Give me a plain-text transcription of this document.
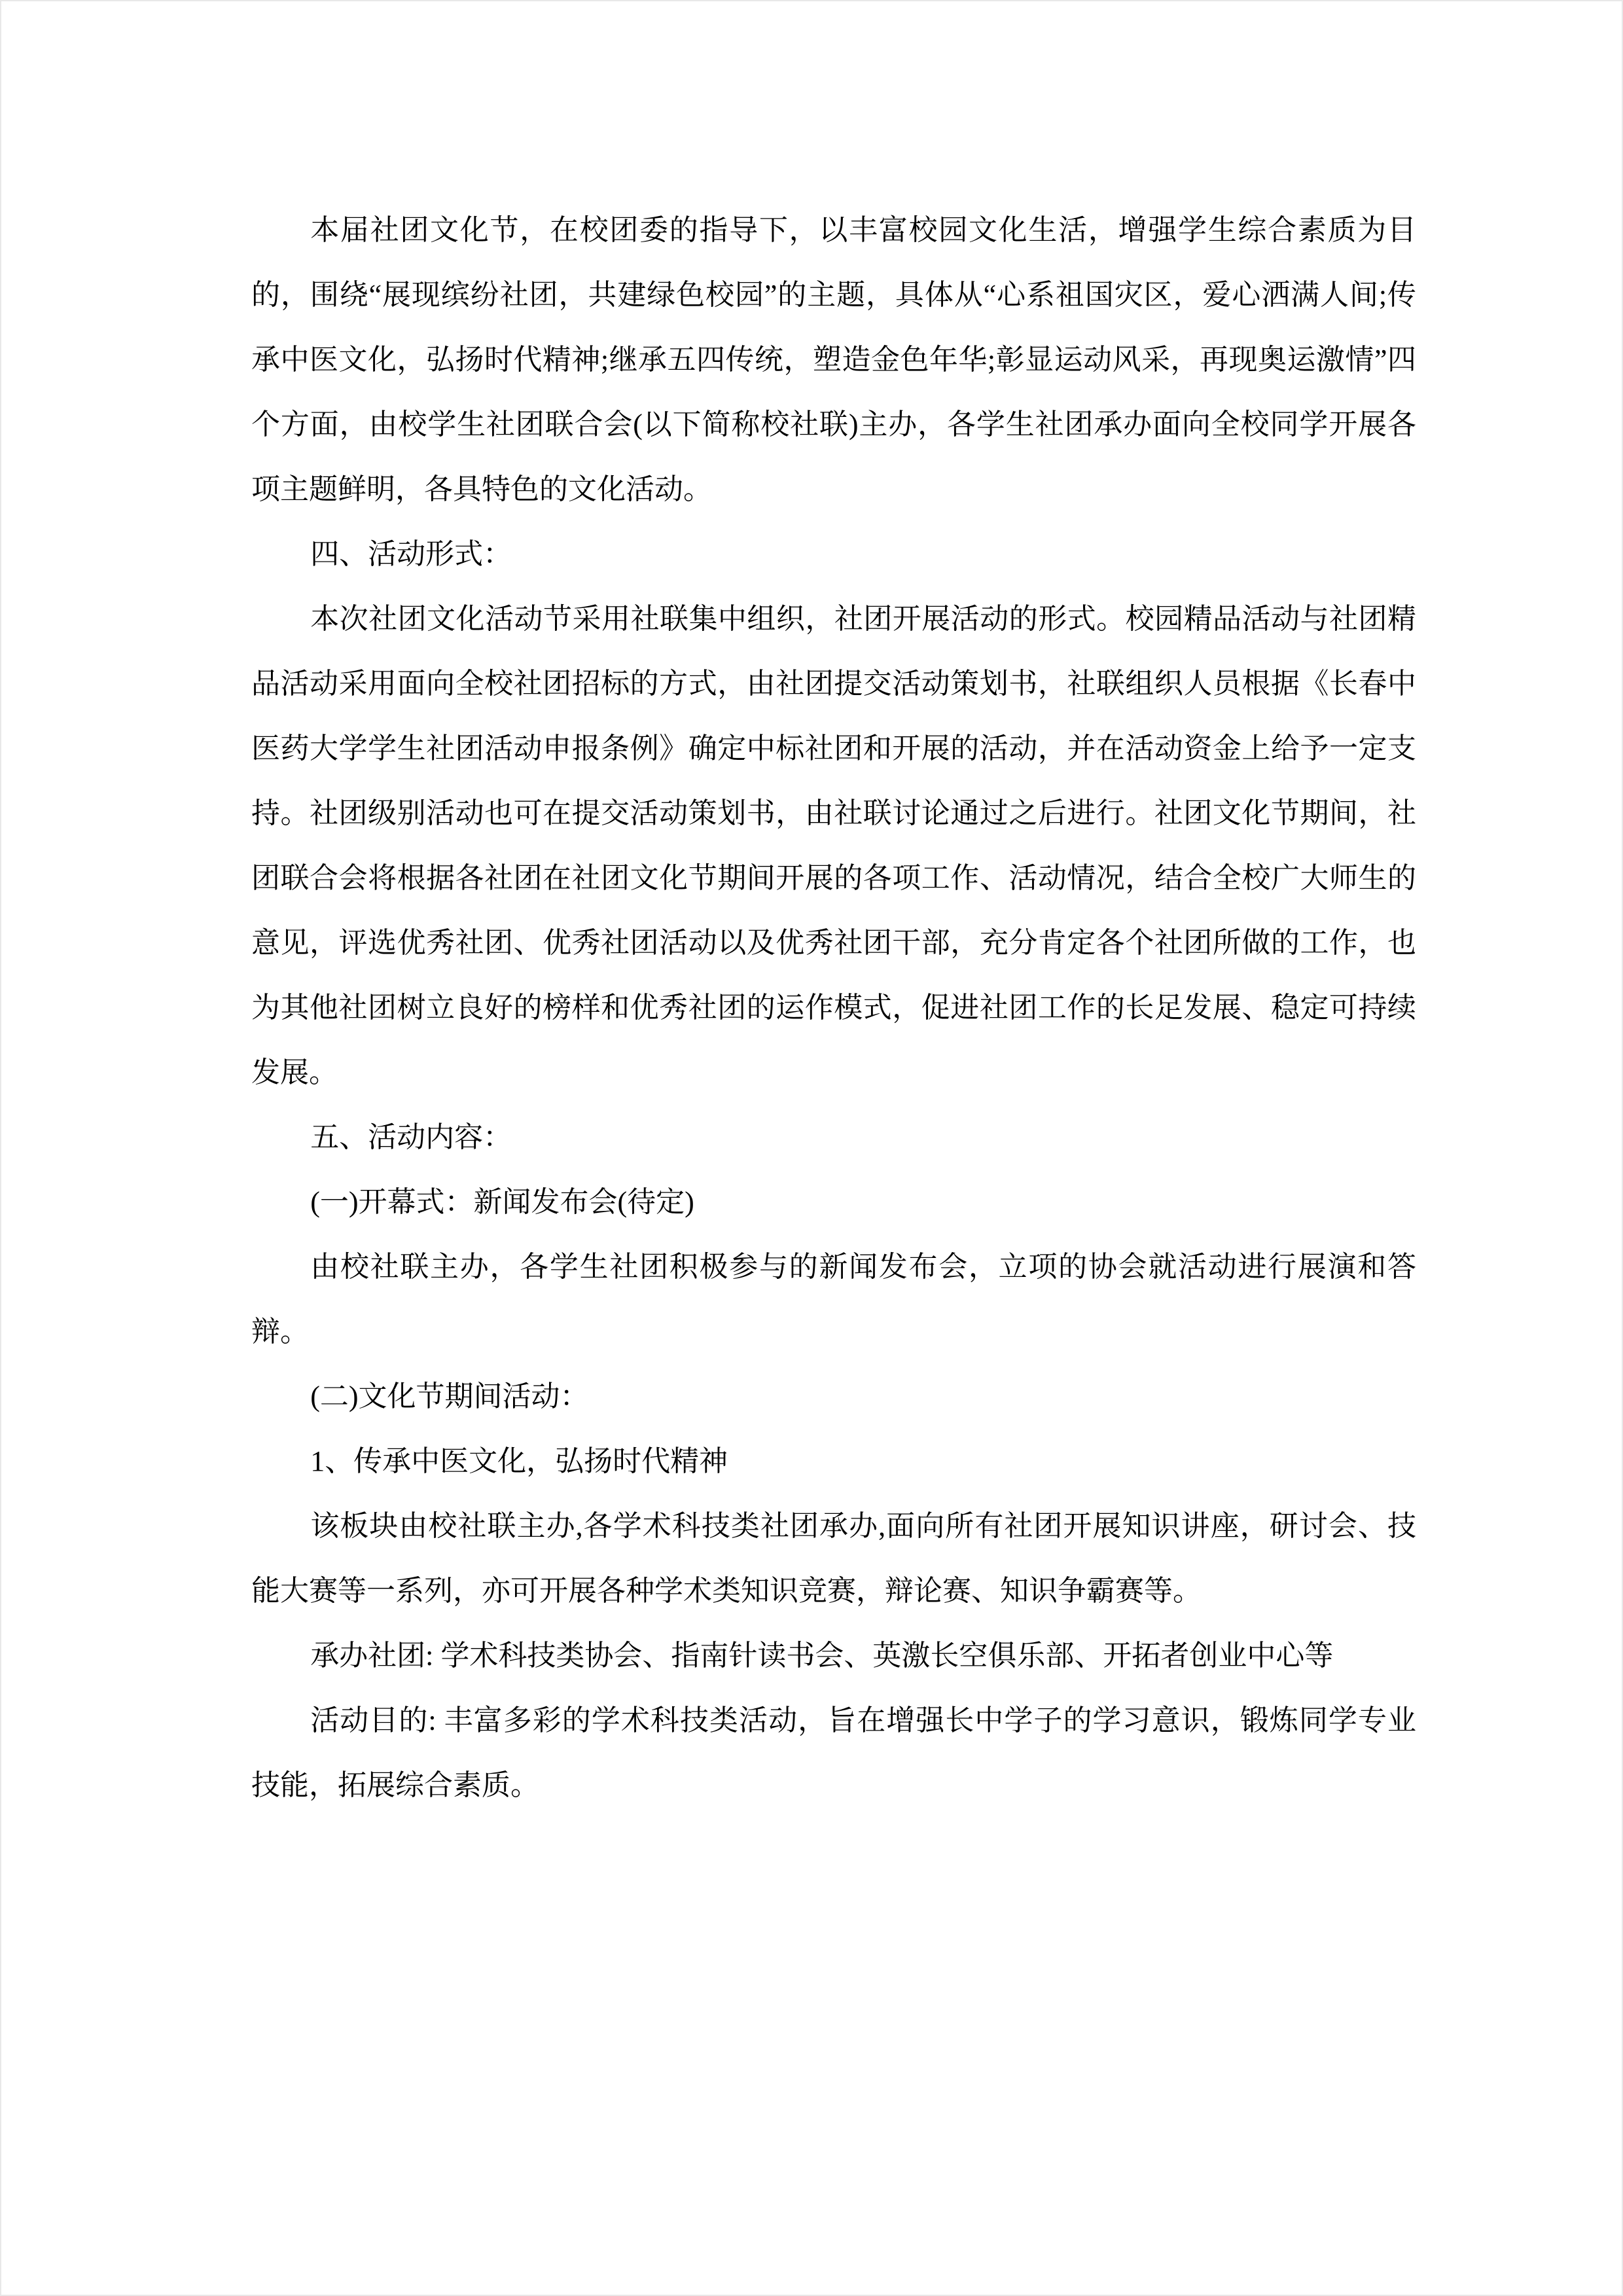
本届社团文化节，在校团委的指导下，以丰富校园文化生活，增强学生综合素质为目的，围绕“展现缤纷社团，共建绿色校园”的主题，具体从“心系祖国灾区，爱心洒满人间;传承中医文化，弘扬时代精神;继承五四传统，塑造金色年华;彰显运动风采，再现奥运激情”四个方面，由校学生社团联合会(以下简称校社联)主办，各学生社团承办面向全校同学开展各项主题鲜明，各具特色的文化活动。

四、活动形式：

本次社团文化活动节采用社联集中组织，社团开展活动的形式。校园精品活动与社团精品活动采用面向全校社团招标的方式，由社团提交活动策划书，社联组织人员根据《长春中医药大学学生社团活动申报条例》确定中标社团和开展的活动，并在活动资金上给予一定支持。社团级别活动也可在提交活动策划书，由社联讨论通过之后进行。社团文化节期间，社团联合会将根据各社团在社团文化节期间开展的各项工作、活动情况，结合全校广大师生的意见，评选优秀社团、优秀社团活动以及优秀社团干部，充分肯定各个社团所做的工作，也为其他社团树立良好的榜样和优秀社团的运作模式，促进社团工作的长足发展、稳定可持续发展。

五、活动内容：

(一)开幕式：新闻发布会(待定)

由校社联主办，各学生社团积极参与的新闻发布会，立项的协会就活动进行展演和答辩。

(二)文化节期间活动：

1、传承中医文化，弘扬时代精神

该板块由校社联主办,各学术科技类社团承办,面向所有社团开展知识讲座，研讨会、技能大赛等一系列，亦可开展各种学术类知识竞赛，辩论赛、知识争霸赛等。

承办社团: 学术科技类协会、指南针读书会、英激长空俱乐部、开拓者创业中心等

活动目的: 丰富多彩的学术科技类活动，旨在增强长中学子的学习意识，锻炼同学专业技能，拓展综合素质。
